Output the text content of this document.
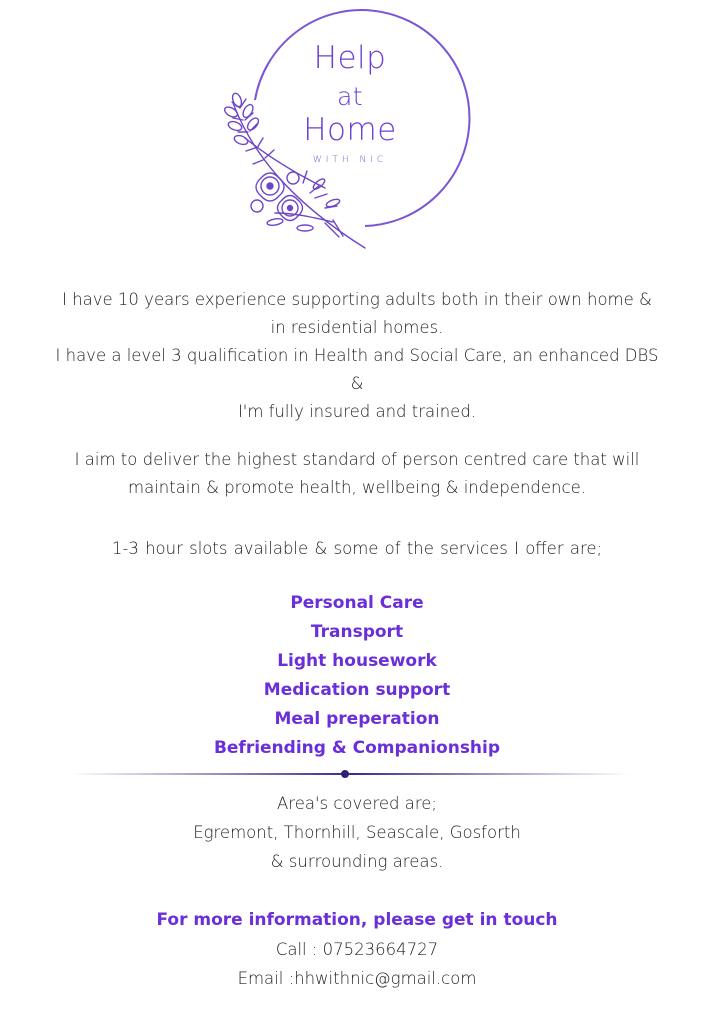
Help
at
Home
WITH NIC
I have 10 years experience supporting adults both in their own home &
in residential homes.
I have a level 3 qualification in Health and Social Care, an enhanced DBS
&
I'm fully insured and trained.
I aim to deliver the highest standard of person centred care that will
maintain & promote health, wellbeing & independence.
1-3 hour slots available & some of the services I offer are;
Personal Care
Transport
Light housework
Medication support
Meal preperation
Befriending & Companionship
Area's covered are;
Egremont, Thornhill, Seascale, Gosforth
& surrounding areas.
For more information, please get in touch
Call : 07523664727
Email :hhwithnic@gmail.com
